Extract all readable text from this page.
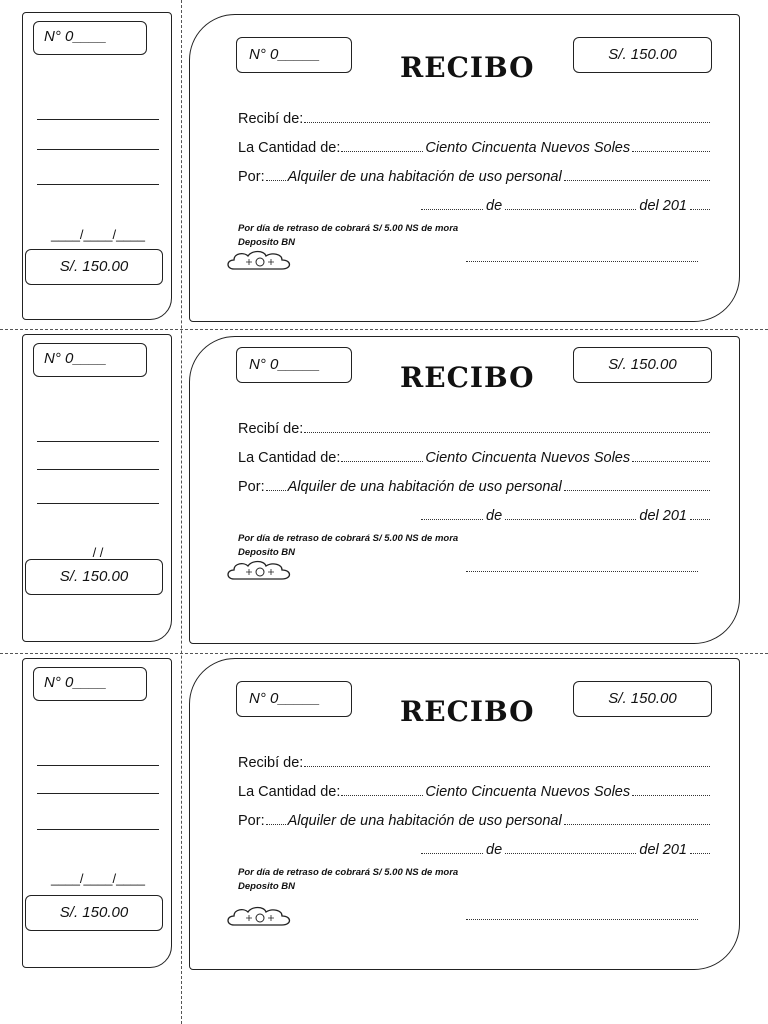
N° 0____
____/____/____
S/. 150.00
N° 0_____	RECIBO	S/. 150.00
Recibí de:
La Cantidad de:	Ciento Cincuenta Nuevos Soles
Por: Alquiler de una habitación de uso personal
de	del 201
Por día de retraso de cobrará S/ 5.00 NS de mora
Deposito BN
N° 0____
/ /
S/. 150.00
N° 0_____	RECIBO	S/. 150.00
Recibí de:
La Cantidad de:	Ciento Cincuenta Nuevos Soles
Por: Alquiler de una habitación de uso personal
de	del 201
Por día de retraso de cobrará S/ 5.00 NS de mora
Deposito BN
N° 0____
____/____/____
S/. 150.00
N° 0_____	RECIBO	S/. 150.00
Recibí de:
La Cantidad de:	Ciento Cincuenta Nuevos Soles
Por: Alquiler de una habitación de uso personal
de	del 201
Por día de retraso de cobrará S/ 5.00 NS de mora
Deposito BN
